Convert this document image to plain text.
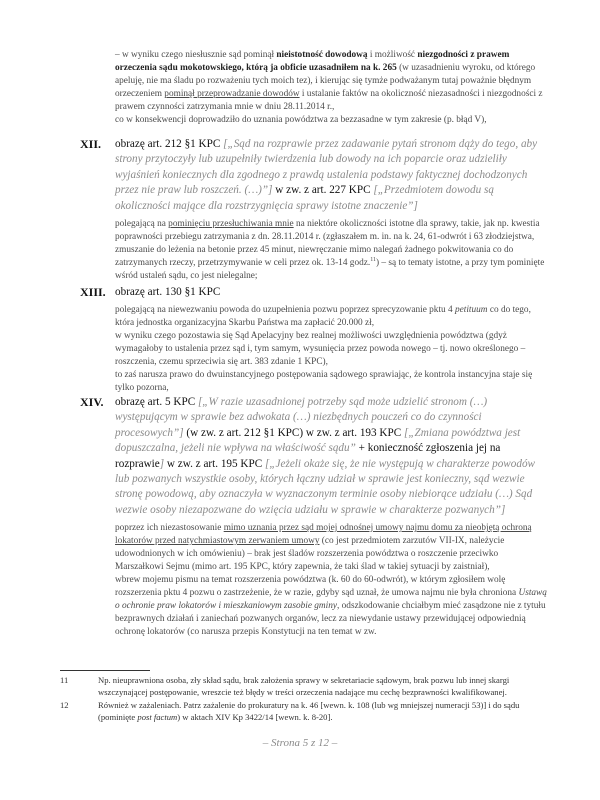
– w wyniku czego niesłusznie sąd pominął nieistotność dowodową i możliwość niezgodności z prawem orzeczenia sądu mokotowskiego, którą ja obficie uzasadniłem na k. 265 (w uzasadnieniu wyroku, od którego apeluję, nie ma śladu po rozważeniu tych moich tez), i kierując się tymże podważanym tutaj poważnie błędnym orzeczeniem pominął przeprowadzanie dowodów i ustalanie faktów na okoliczność niezasadności i niezgodności z prawem czynności zatrzymania mnie w dniu 28.11.2014 r.,

co w konsekwencji doprowadziło do uznania powództwa za bezzasadne w tym zakresie (p. błąd V),

XII.	obrazę art. 212 §1 KPC [„Sąd na rozprawie przez zadawanie pytań stronom dąży do tego, aby strony przytoczyły lub uzupełniły twierdzenia lub dowody na ich poparcie oraz udzieliły wyjaśnień koniecznych dla zgodnego z prawdą ustalenia podstawy faktycznej dochodzonych przez nie praw lub roszczeń. (…)”] w zw. z art. 227 KPC [„Przedmiotem dowodu są okoliczności mające dla rozstrzygnięcia sprawy istotne znaczenie”]

polegającą na pominięciu przesłuchiwania mnie na niektóre okoliczności istotne dla sprawy, takie, jak np. kwestia poprawności przebiegu zatrzymania z dn. 28.11.2014 r. (zgłaszałem m. in. na k. 24, 61-odwrót i 63 złodziejstwa, zmuszanie do leżenia na betonie przez 45 minut, niewręczanie mimo nalegań żadnego pokwitowania co do zatrzymanych rzeczy, przetrzymywanie w celi przez ok. 13-14 godz.$^{11}$) – są to tematy istotne, a przy tym pominięte wśród ustaleń sądu, co jest nielegalne;

XIII. obrazę art. 130 §1 KPC

polegającą na niewezwaniu powoda do uzupełnienia pozwu poprzez sprecyzowanie pktu 4 petituum co do tego, która jednostka organizacyjna Skarbu Państwa ma zapłacić 20.000 zł,

w wyniku czego pozostawia się Sąd Apelacyjny bez realnej możliwości uwzględnienia powództwa (gdyż wymagałoby to ustalenia przez sąd i, tym samym, wysunięcia przez powoda nowego – tj. nowo określonego – roszczenia, czemu sprzeciwia się art. 383 zdanie 1 KPC),

to zaś narusza prawo do dwuinstancyjnego postępowania sądowego sprawiając, że kontrola instancyjna staje się tylko pozorna,

XIV.	obrazę art. 5 KPC [„W razie uzasadnionej potrzeby sąd może udzielić stronom (…) występującym w sprawie bez adwokata (…) niezbędnych pouczeń co do czynności procesowych”] (w zw. z art. 212 §1 KPC) w zw. z art. 193 KPC [„Zmiana powództwa jest dopuszczalna, jeżeli nie wpływa na właściwość sądu” + konieczność zgłoszenia jej na rozprawie] w zw. z art. 195 KPC [„Jeżeli okaże się, że nie występują w charakterze powodów lub pozwanych wszystkie osoby, których łączny udział w sprawie jest konieczny, sąd wezwie stronę powodową, aby oznaczyła w wyznaczonym terminie osoby niebiorące udziału (…) Sąd wezwie osoby niezapozwane do wzięcia udziału w sprawie w charakterze pozwanych”]

poprzez ich niezastosowanie mimo uznania przez sąd mojej odnośnej umowy najmu domu za nieobjętą ochroną lokatorów przed natychmiastowym zerwaniem umowy (co jest przedmiotem zarzutów VII-IX, należycie udowodnionych w ich omówieniu) – brak jest śladów rozszerzenia powództwa o roszczenie przeciwko Marszałkowi Sejmu (mimo art. 195 KPC, który zapewnia, że taki ślad w takiej sytuacji by zaistniał),

wbrew mojemu pismu na temat rozszerzenia powództwa (k. 60 do 60-odwrót), w którym zgłosiłem wolę rozszerzenia pktu 4 pozwu o zastrzeżenie, że w razie, gdyby sąd uznał, że umowa najmu nie była chroniona Ustawą o ochronie praw lokatorów i mieszkaniowym zasobie gminy, odszkodowanie chciałbym mieć zasądzone nie z tytułu bezprawnych działań i zaniechań pozwanych organów, lecz za niewydanie ustawy przewidującej odpowiednią ochronę lokatorów (co narusza przepis Konstytucji na ten temat w zw.

11	Np. nieuprawniona osoba, zły skład sądu, brak założenia sprawy w sekretariacie sądowym, brak pozwu lub innej skargi wszczynającej postępowanie, wreszcie też błędy w treści orzeczenia nadające mu cechę bezprawności kwalifikowanej.
12	Również w zażaleniach. Patrz zażalenie do prokuratury na k. 46 [wewn. k. 108 (lub wg mniejszej numeracji 53)] i do sądu (pominięte post factum) w aktach XIV Kp 3422/14 [wewn. k. 8-20].
– Strona 5 z 12 –
